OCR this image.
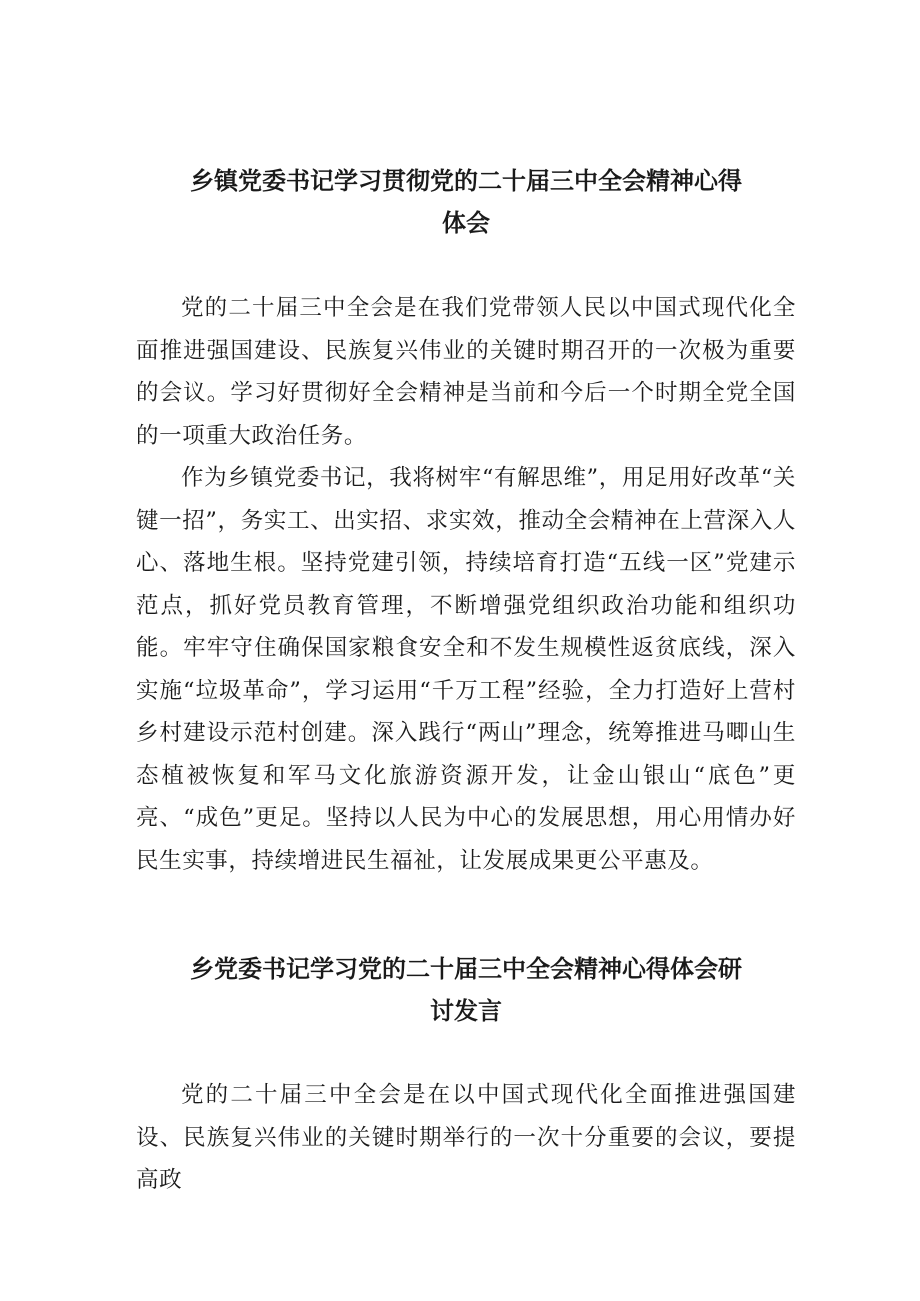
乡镇党委书记学习贯彻党的二十届三中全会精神心得
体会

党的二十届三中全会是在我们党带领人民以中国式现代化全面推进强国建设、民族复兴伟业的关键时期召开的一次极为重要的会议。学习好贯彻好全会精神是当前和今后一个时期全党全国的一项重大政治任务。

作为乡镇党委书记，我将树牢“有解思维”，用足用好改革“关键一招”，务实工、出实招、求实效，推动全会精神在上营深入人心、落地生根。坚持党建引领，持续培育打造“五线一区”党建示范点，抓好党员教育管理，不断增强党组织政治功能和组织功能。牢牢守住确保国家粮食安全和不发生规模性返贫底线，深入实施“垃圾革命”，学习运用“千万工程”经验，全力打造好上营村乡村建设示范村创建。深入践行“两山”理念，统筹推进马唧山生态植被恢复和军马文化旅游资源开发，让金山银山“底色”更亮、“成色”更足。坚持以人民为中心的发展思想，用心用情办好民生实事，持续增进民生福祉，让发展成果更公平惠及。

乡党委书记学习党的二十届三中全会精神心得体会研
讨发言

党的二十届三中全会是在以中国式现代化全面推进强国建设、民族复兴伟业的关键时期举行的一次十分重要的会议，要提高政
